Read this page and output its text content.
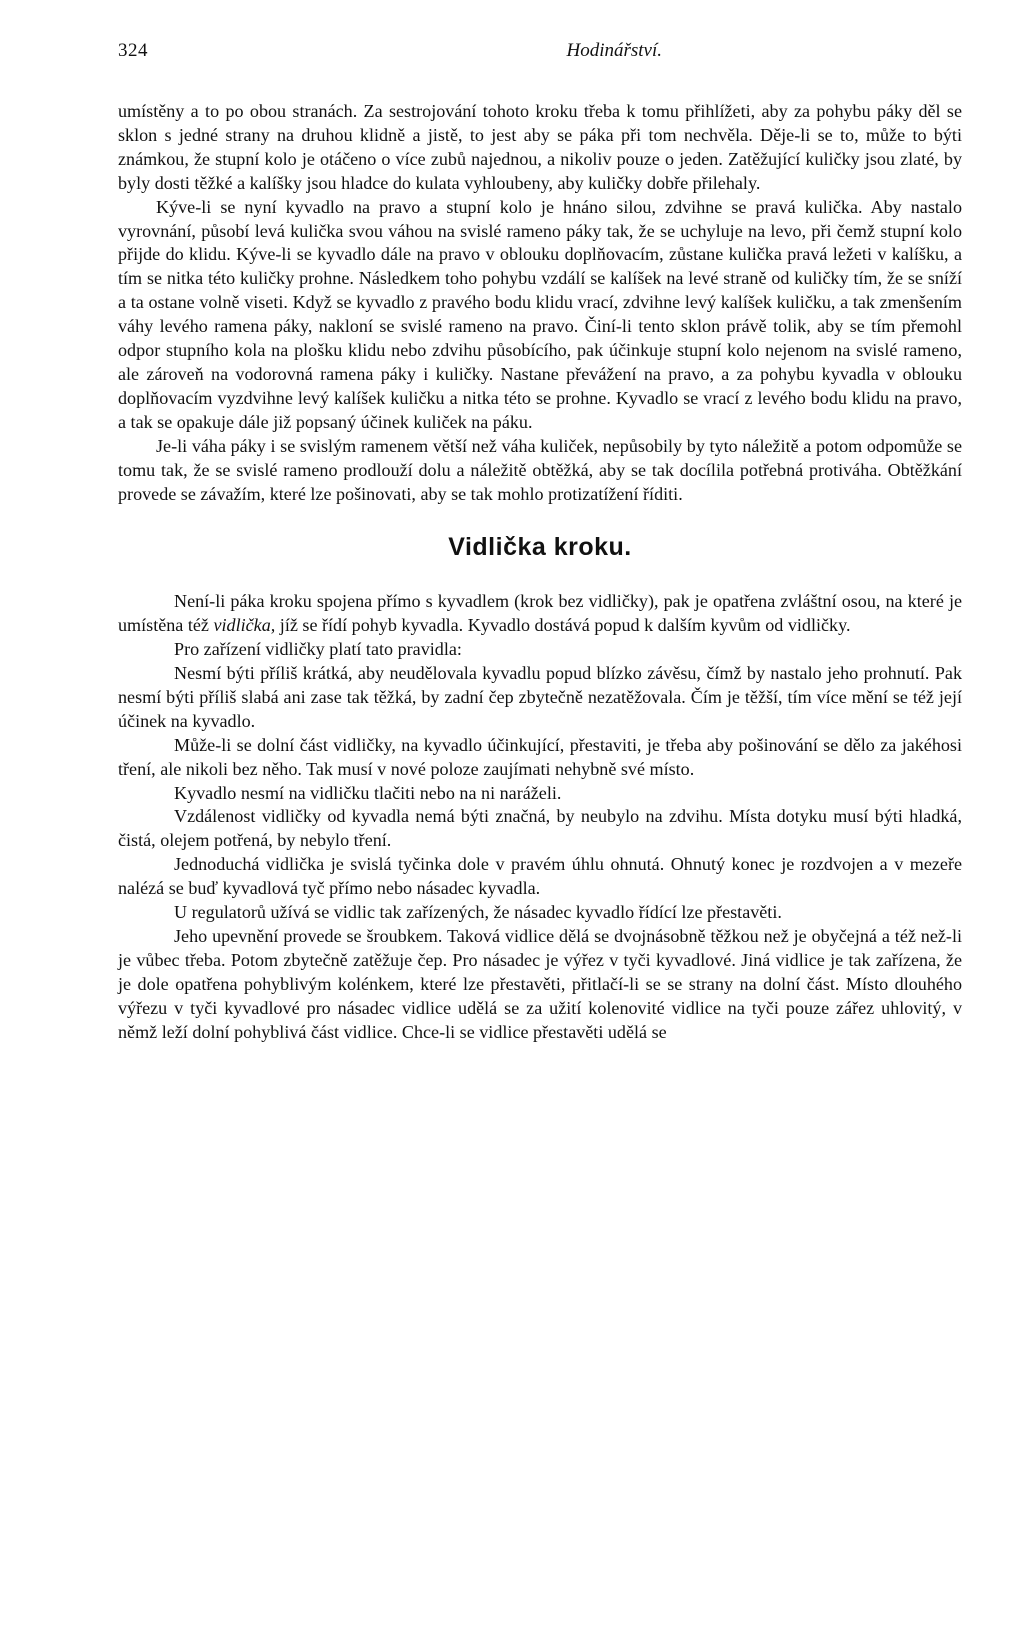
324	Hodinářství.

umístěny a to po obou stranách. Za sestrojování tohoto kroku třeba k tomu přihlížeti, aby za pohybu páky děl se sklon s jedné strany na druhou klidně a jistě, to jest aby se páka při tom nechvěla. Děje-li se to, může to býti známkou, že stupní kolo je otáčeno o více zubů najednou, a nikoliv pouze o jeden. Zatěžující kuličky jsou zlaté, by byly dosti těžké a kalíšky jsou hladce do kulata vyhloubeny, aby kuličky dobře přilehaly.

Kýve-li se nyní kyvadlo na pravo a stupní kolo je hnáno silou, zdvihne se pravá kulička. Aby nastalo vyrovnání, působí levá kulička svou váhou na svislé rameno páky tak, že se uchyluje na levo, při čemž stupní kolo přijde do klidu. Kýve-li se kyvadlo dále na pravo v oblouku doplňovacím, zůstane kulička pravá ležeti v kalíšku, a tím se nitka této kuličky prohne. Následkem toho pohybu vzdálí se kalíšek na levé straně od kuličky tím, že se sníží a ta ostane volně viseti. Když se kyvadlo z pravého bodu klidu vrací, zdvihne levý kalíšek kuličku, a tak zmenšením váhy levého ramena páky, nakloní se svislé rameno na pravo. Činí-li tento sklon právě tolik, aby se tím přemohl odpor stupního kola na plošku klidu nebo zdvihu působícího, pak účinkuje stupní kolo nejenom na svislé rameno, ale zároveň na vodorovná ramena páky i kuličky. Nastane převážení na pravo, a za pohybu kyvadla v oblouku doplňovacím vyzdvihne levý kalíšek kuličku a nitka této se prohne. Kyvadlo se vrací z levého bodu klidu na pravo, a tak se opakuje dále již popsaný účinek kuliček na páku.

Je-li váha páky i se svislým ramenem větší než váha kuliček, nepůsobily by tyto náležitě a potom odpomůže se tomu tak, že se svislé rameno prodlouží dolu a náležitě obtěžká, aby se tak docílila potřebná protiváha. Obtěžkání provede se závažím, které lze pošinovati, aby se tak mohlo protizatížení říditi.

Vidlička kroku.

Není-li páka kroku spojena přímo s kyvadlem (krok bez vidličky), pak je opatřena zvláštní osou, na které je umístěna též vidlička, jíž se řídí pohyb kyvadla. Kyvadlo dostává popud k dalším kyvům od vidličky.

Pro zařízení vidličky platí tato pravidla:

Nesmí býti příliš krátká, aby neudělovala kyvadlu popud blízko závěsu, čímž by nastalo jeho prohnutí. Pak nesmí býti příliš slabá ani zase tak těžká, by zadní čep zbytečně nezatěžovala. Čím je těžší, tím více mění se též její účinek na kyvadlo.

Může-li se dolní část vidličky, na kyvadlo účinkující, přestaviti, je třeba aby pošinování se dělo za jakéhosi tření, ale nikoli bez něho. Tak musí v nové poloze zaujímati nehybně své místo.

Kyvadlo nesmí na vidličku tlačiti nebo na ni naráželi.

Vzdálenost vidličky od kyvadla nemá býti značná, by neubylo na zdvihu. Místa dotyku musí býti hladká, čistá, olejem potřená, by nebylo tření.

Jednoduchá vidlička je svislá tyčinka dole v pravém úhlu ohnutá. Ohnutý konec je rozdvojen a v mezeře nalézá se buď kyvadlová tyč přímo nebo násadec kyvadla.

U regulatorů užívá se vidlic tak zařízených, že násadec kyvadlo řídící lze přestavěti.

Jeho upevnění provede se šroubkem. Taková vidlice dělá se dvojnásobně těžkou než je obyčejná a též než-li je vůbec třeba. Potom zbytečně zatěžuje čep. Pro násadec je výřez v tyči kyvadlové. Jiná vidlice je tak zařízena, že je dole opatřena pohyblivým kolénkem, které lze přestavěti, přitlačí-li se se strany na dolní část. Místo dlouhého výřezu v tyči kyvadlové pro násadec vidlice udělá se za užití kolenovité vidlice na tyči pouze zářez uhlovitý, v němž leží dolní pohyblivá část vidlice. Chce-li se vidlice přestavěti udělá se
